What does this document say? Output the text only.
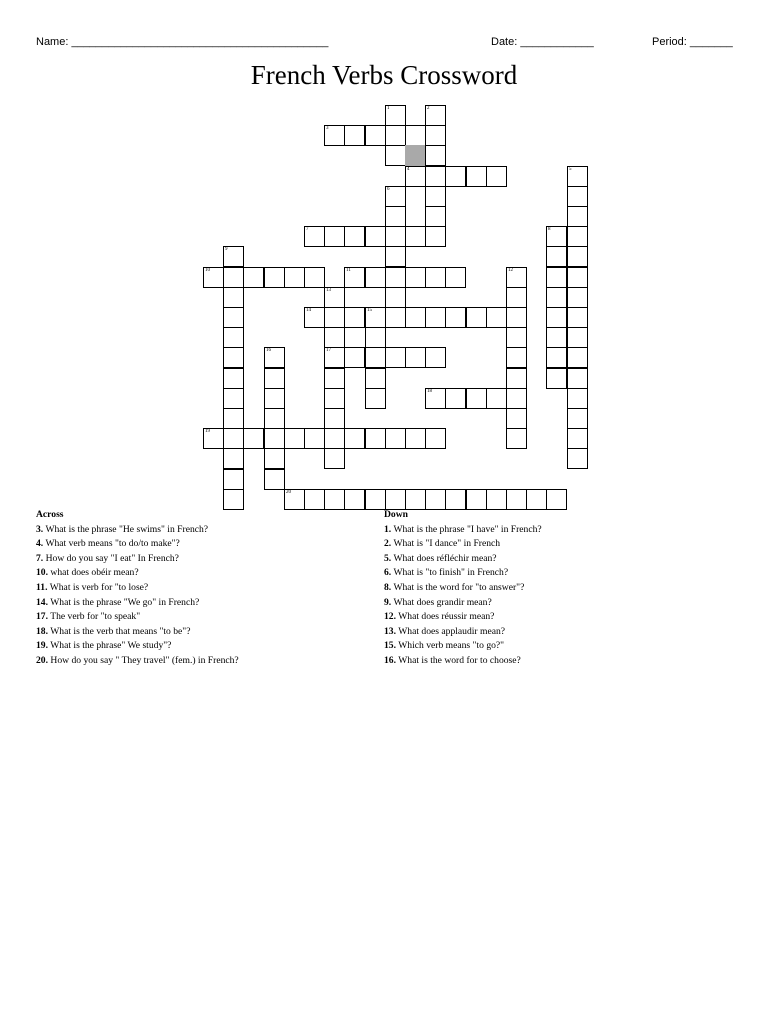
Name: __________________________________________	Date: ____________	Period: _______
French Verbs Crossword
1	2
3
4	5
6
7	8
9
10	11	12
13
14	15
16	17
18
19
20
Across
3. What is the phrase "He swims" in French?
4. What verb means "to do/to make"?
7. How do you say "I eat" In French?
10. what does obéir mean?
11. What is verb for "to lose?
14. What is the phrase "We go" in French?
17. The verb for "to speak"
18. What is the verb that means "to be"?
19. What is the phrase" We study"?
20. How do you say " They travel" (fem.) in French?
Down
1. What is the phrase "I have" in French?
2. What is "I dance" in French
5. What does réfléchir mean?
6. What is "to finish" in French?
8. What is the word for "to answer"?
9. What does grandir mean?
12. What does réussir mean?
13. What does applaudir mean?
15. Which verb means "to go?"
16. What is the word for to choose?
